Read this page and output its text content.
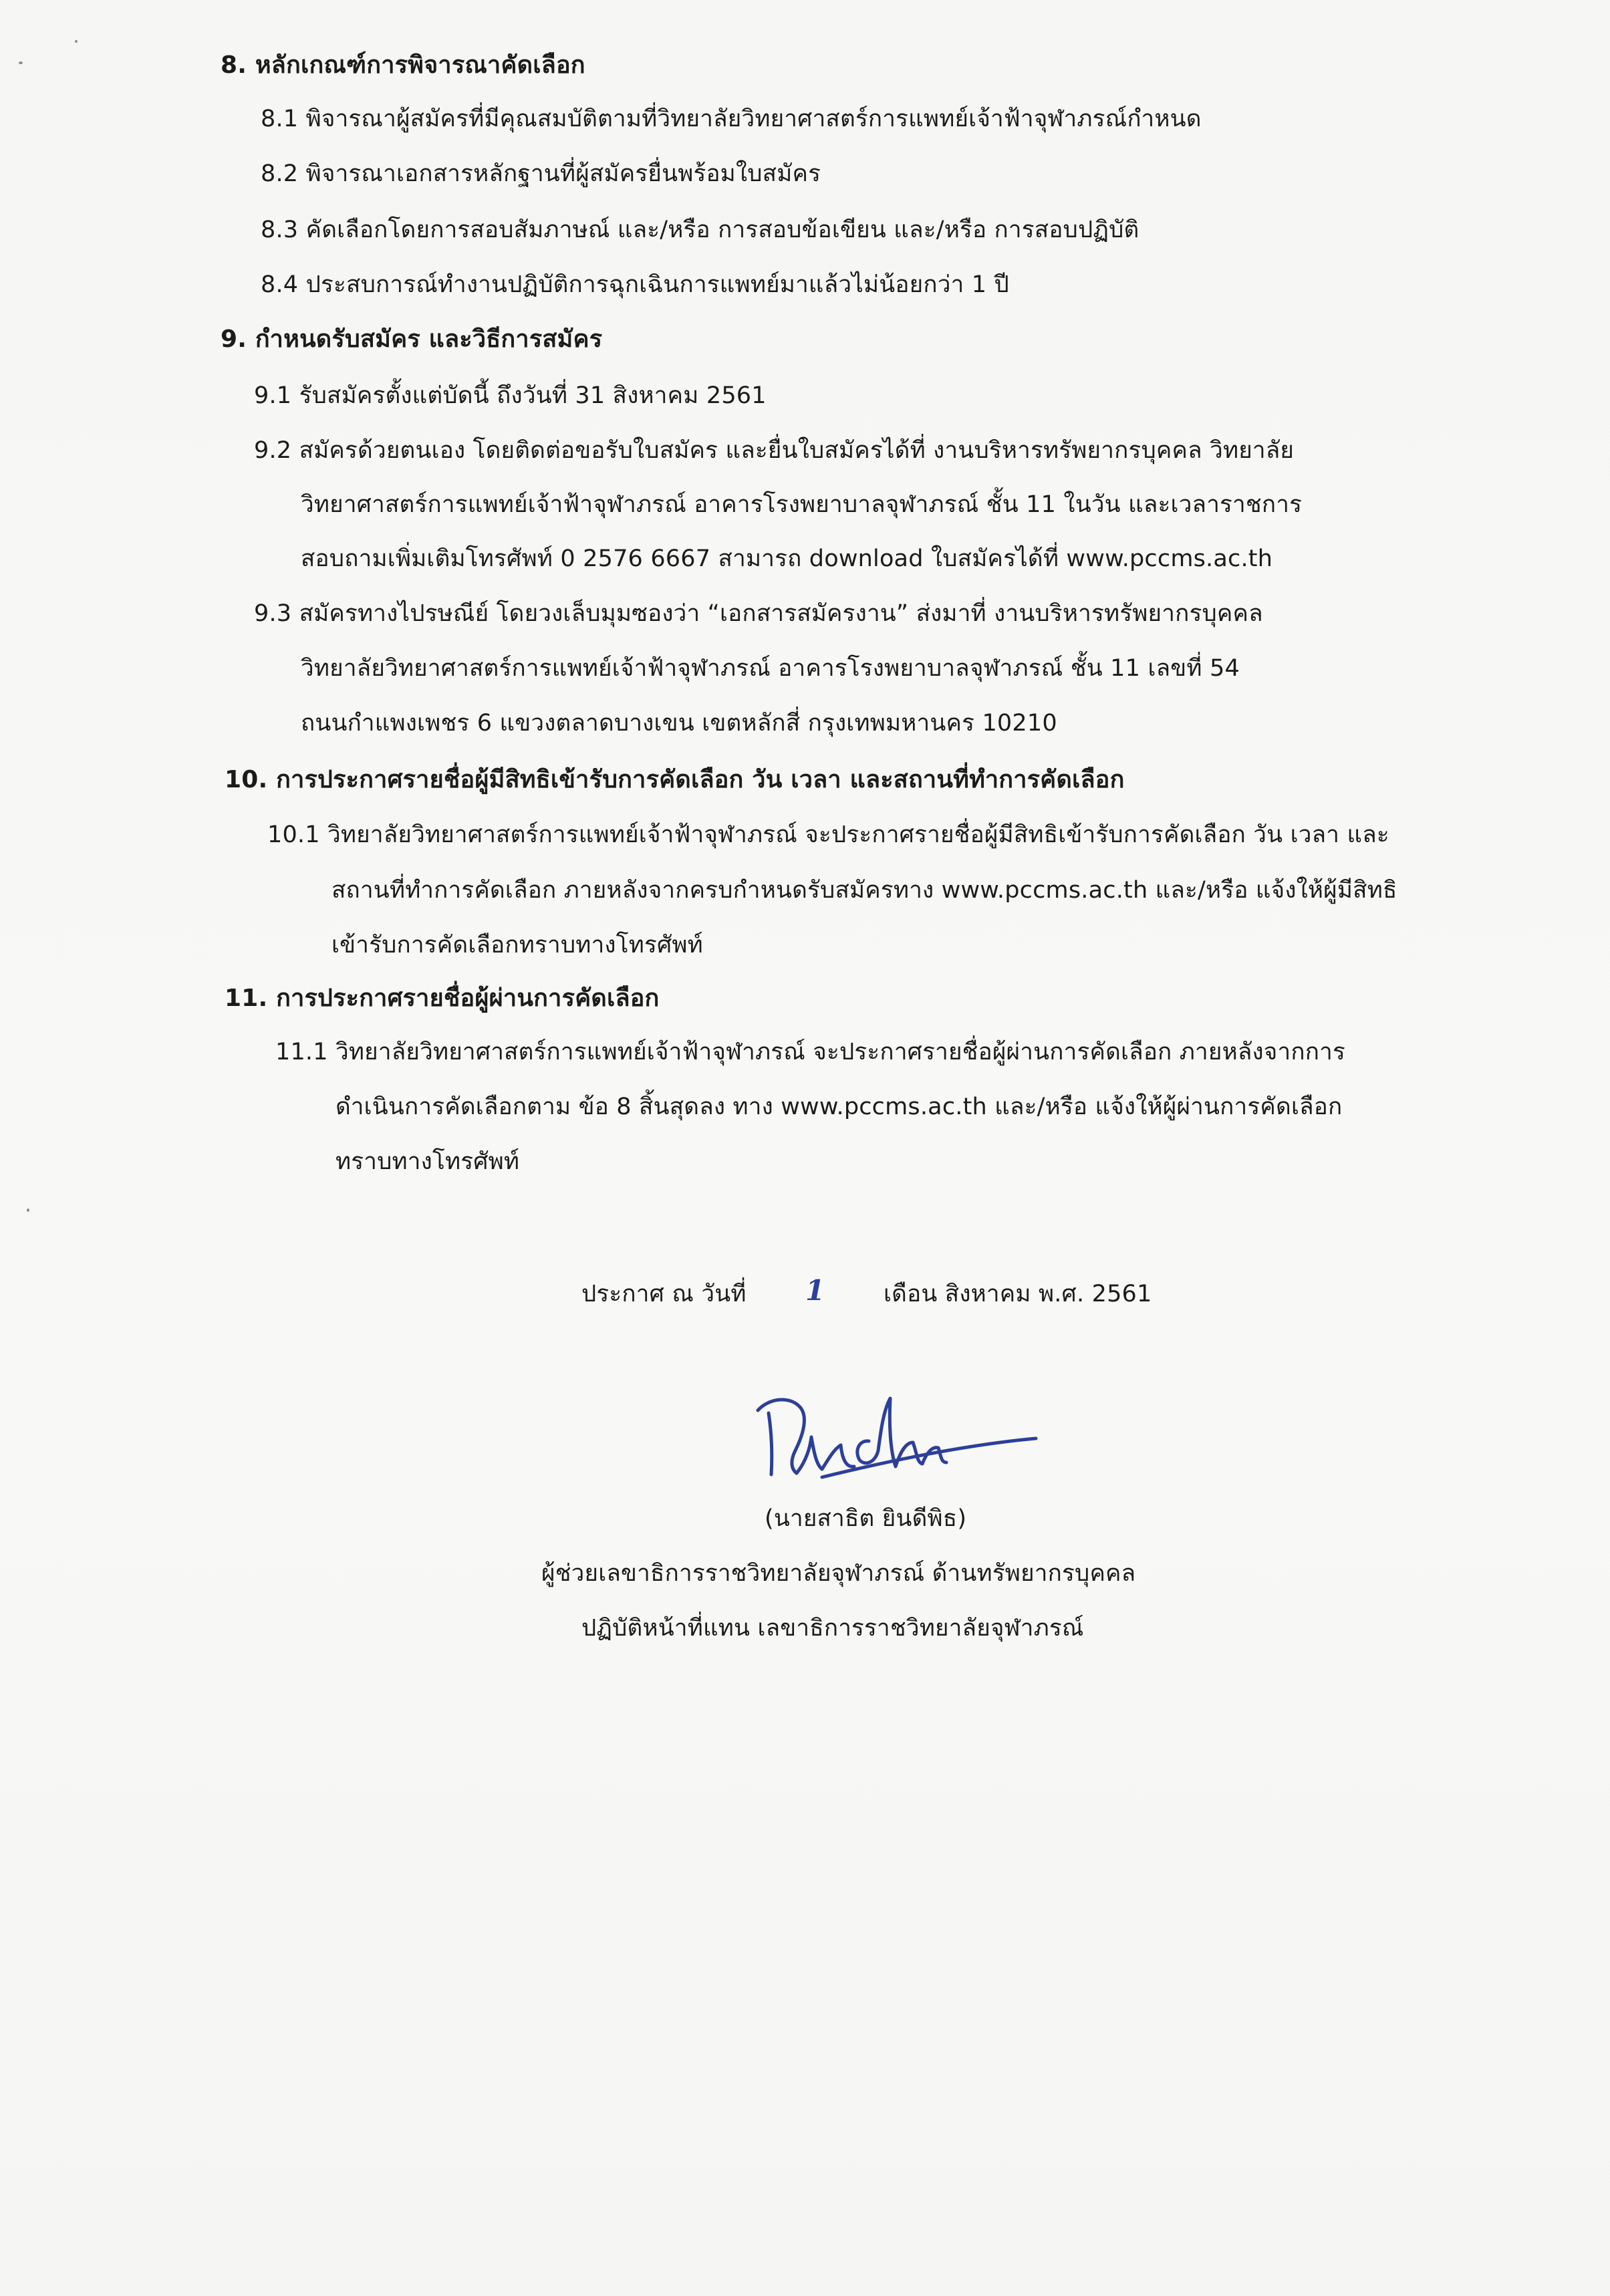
8. หลักเกณฑ์การพิจารณาคัดเลือก
8.1 พิจารณาผู้สมัครที่มีคุณสมบัติตามที่วิทยาลัยวิทยาศาสตร์การแพทย์เจ้าฟ้าจุฬาภรณ์กำหนด
8.2 พิจารณาเอกสารหลักฐานที่ผู้สมัครยื่นพร้อมใบสมัคร
8.3 คัดเลือกโดยการสอบสัมภาษณ์ และ/หรือ การสอบข้อเขียน และ/หรือ การสอบปฏิบัติ
8.4 ประสบการณ์ทำงานปฏิบัติการฉุกเฉินการแพทย์มาแล้วไม่น้อยกว่า 1 ปี
9. กำหนดรับสมัคร และวิธีการสมัคร
9.1 รับสมัครตั้งแต่บัดนี้ ถึงวันที่ 31 สิงหาคม 2561
9.2 สมัครด้วยตนเอง โดยติดต่อขอรับใบสมัคร และยื่นใบสมัครได้ที่ งานบริหารทรัพยากรบุคคล วิทยาลัย
วิทยาศาสตร์การแพทย์เจ้าฟ้าจุฬาภรณ์ อาคารโรงพยาบาลจุฬาภรณ์ ชั้น 11 ในวัน และเวลาราชการ
สอบถามเพิ่มเติมโทรศัพท์ 0 2576 6667 สามารถ download ใบสมัครได้ที่ www.pccms.ac.th
9.3 สมัครทางไปรษณีย์ โดยวงเล็บมุมซองว่า “เอกสารสมัครงาน” ส่งมาที่ งานบริหารทรัพยากรบุคคล
วิทยาลัยวิทยาศาสตร์การแพทย์เจ้าฟ้าจุฬาภรณ์ อาคารโรงพยาบาลจุฬาภรณ์ ชั้น 11 เลขที่ 54
ถนนกำแพงเพชร 6 แขวงตลาดบางเขน เขตหลักสี่ กรุงเทพมหานคร 10210
10. การประกาศรายชื่อผู้มีสิทธิเข้ารับการคัดเลือก วัน เวลา และสถานที่ทำการคัดเลือก
10.1 วิทยาลัยวิทยาศาสตร์การแพทย์เจ้าฟ้าจุฬาภรณ์ จะประกาศรายชื่อผู้มีสิทธิเข้ารับการคัดเลือก วัน เวลา และ
สถานที่ทำการคัดเลือก ภายหลังจากครบกำหนดรับสมัครทาง www.pccms.ac.th และ/หรือ แจ้งให้ผู้มีสิทธิ
เข้ารับการคัดเลือกทราบทางโทรศัพท์
11. การประกาศรายชื่อผู้ผ่านการคัดเลือก
11.1 วิทยาลัยวิทยาศาสตร์การแพทย์เจ้าฟ้าจุฬาภรณ์ จะประกาศรายชื่อผู้ผ่านการคัดเลือก ภายหลังจากการ
ดำเนินการคัดเลือกตาม ข้อ 8 สิ้นสุดลง ทาง www.pccms.ac.th และ/หรือ แจ้งให้ผู้ผ่านการคัดเลือก
ทราบทางโทรศัพท์
ประกาศ ณ วันที่ 1	เดือน สิงหาคม พ.ศ. 2561
(นายสาธิต ยินดีพิธ)
ผู้ช่วยเลขาธิการราชวิทยาลัยจุฬาภรณ์ ด้านทรัพยากรบุคคล
ปฏิบัติหน้าที่แทน เลขาธิการราชวิทยาลัยจุฬาภรณ์
